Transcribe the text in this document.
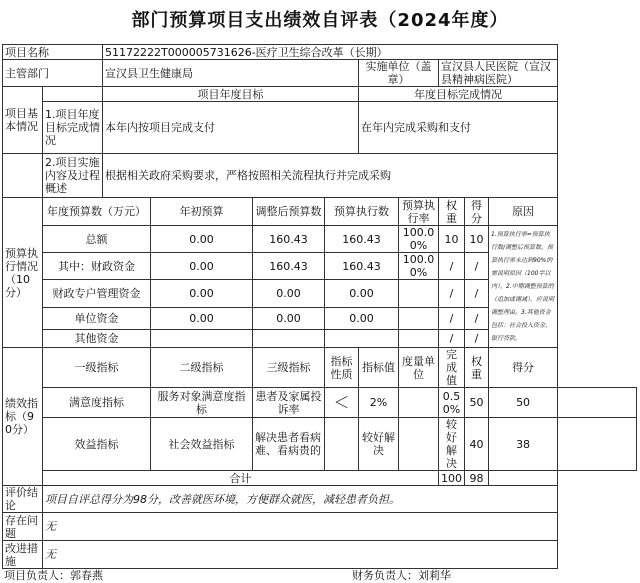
部门预算项目支出绩效自评表（2024年度）
项目名称		51172222T000005731626-医疗卫生综合改革（长期）									
主管部门		宣汉县卫生健康局				实施单位（盖章）		宣汉县人民医院（宣汉县精神病医院）			
项目基本情况		项目年度目标				年度目标完成情况					

	1.项目年度目标完成情况	本年内按项目完成支付				在年内完成采购和支付					
	2.项目实施内容及过程概述	根据相关政府采购要求，严格按照相关流程执行并完成采购									
预算执行情况（10分）	年度预算数（万元）		年初预算	调整后预算数	预算执行数		预算执行率	权重	得分	原因	
	总额		0.00	160.43	160.43		100.00%	10	10	1.预算执行率=预算执行数/调整后预算数，预算执行率未达到90%的需说明原因（100字以内）。2.中期调整预算的（追加或调减），应说明调整理由。3.其他资金包括：社会投入资金、银行贷款。	
	其中：财政资金		0.00	160.43	160.43		100.00%	/	/		
	财政专户管理资金		0.00	0.00	0.00			/	/		
	单位资金		0.00	0.00	0.00			/	/		
	其他资金							/	/		
绩效指标（90分）	一级指标		二级指标	三级指标	指标性质	指标值	度量单位	完成值	权重	得分	
	满意度指标		服务对象满意度指标	患者及家属投诉率	＜	2%		0.50%	50	50	
	效益指标		社会效益指标	解决患者看病难、看病贵的		较好解决		较好解决	40	38	
	合计							100	98		
评价结论	项目自评总得分为98分，改善就医环境，方便群众就医，减轻患者负担。										
存在问题	无										
改进措施	无										
项目负责人：郭春燕	财务负责人：刘莉华
